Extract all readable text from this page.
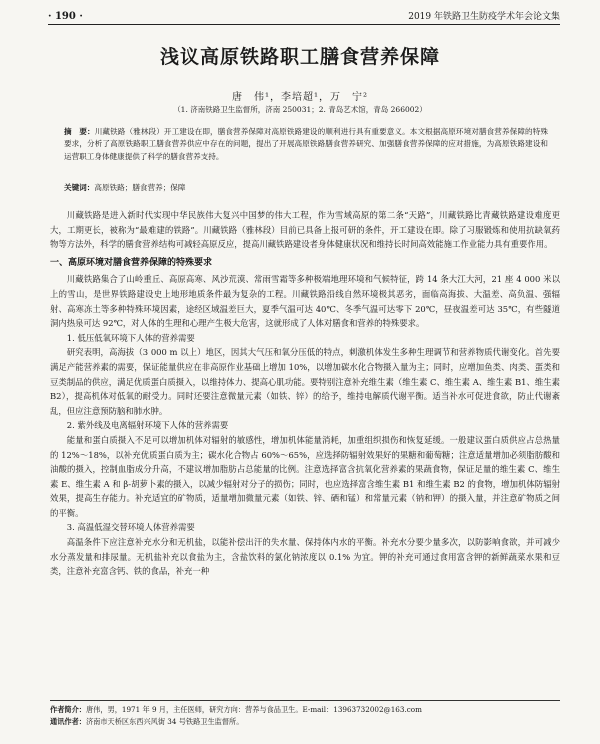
· 190 ·	2019 年铁路卫生防疫学术年会论文集
浅议高原铁路职工膳食营养保障
唐　伟¹，李培超¹，万　宁²
（1. 济南铁路卫生监督所，济南 250031；2. 青岛艺术馆，青岛 266002）
摘　要：川藏铁路（雅林段）开工建设在即，膳食营养保障对高原铁路建设的顺利进行具有重要意义。本文根据高原环境对膳食营养保障的特殊要求，分析了高原铁路职工膳食营养供应中存在的问题，提出了开展高原铁路膳食营养研究、加强膳食营养保障的应对措施，为高原铁路建设和运营职工身体健康提供了科学的膳食营养支持。
关键词：高原铁路；膳食营养；保障

川藏铁路是进入新时代实现中华民族伟大复兴中国梦的伟大工程，作为雪域高原的第二条“天路”，川藏铁路比青藏铁路建设难度更大，工期更长，被称为“最难建的铁路”。川藏铁路（雅林段）目前已具备上报可研的条件，开工建设在即。除了习服锻炼和使用抗缺氧药物等方法外，科学的膳食营养结构可减轻高原反应，提高川藏铁路建设者身体健康状况和维持长时间高效能施工作业能力具有重要作用。

一、高原环境对膳食营养保障的特殊要求

川藏铁路集合了山岭重丘、高原高寒、风沙荒漠、常雨雪霜等多种极端地理环境和气候特征，跨 14 条大江大河，21 座 4 000 米以上的雪山，是世界铁路建设史上地形地质条件最为复杂的工程。川藏铁路沿线自然环境极其恶劣，面临高海拔、大温差、高负温、强辐射、高寒冻土等多种特殊环境因素，途经区域温差巨大，夏季气温可达 40℃、冬季气温可达零下 20℃，昼夜温差可达 35℃，有些隧道洞内热泉可达 92℃，对人体的生理和心理产生极大危害，这就形成了人体对膳食和营养的特殊要求。

1. 低压低氧环境下人体的营养需要

研究表明，高海拔（3 000 m 以上）地区，因其大气压和氧分压低的特点，刺激机体发生多种生理调节和营养物质代谢变化。首先要满足产能营养素的需要，保证能量供应在非高原作业基础上增加 10%，以增加碳水化合物摄入量为主；同时，应增加鱼类、肉类、蛋类和豆类制品的供应，满足优质蛋白质摄入，以维持体力、提高心肌功能。要特别注意补充维生素（维生素 C、维生素 A、维生素 B1、维生素 B2），提高机体对低氧的耐受力。同时还要注意微量元素（如铁、锌）的给予，维持电解质代谢平衡。适当补水可促进食欲，防止代谢紊乱，但应注意预防脑和肺水肿。

2. 紫外线及电离辐射环境下人体的营养需要

能量和蛋白质摄入不足可以增加机体对辐射的敏感性，增加机体能量消耗，加重组织损伤和恢复延缓。一般建议蛋白质供应占总热量的 12%～18%，以补充优质蛋白质为主；碳水化合物占 60%～65%，应选择防辐射效果好的果糖和葡萄糖；注意适量增加必须脂肪酸和油酸的摄入，控制血脂成分升高，不建议增加脂肪占总能量的比例。注意选择富含抗氧化营养素的果蔬食物，保证足量的维生素 C、维生素 E、维生素 A 和 β-胡萝卜素的摄入，以减少辐射对分子的损伤；同时，也应选择富含维生素 B1 和维生素 B2 的食物，增加机体防辐射效果，提高生存能力。补充适宜的矿物质，适量增加微量元素（如铁、锌、硒和锰）和常量元素（钠和钾）的摄入量，并注意矿物质之间的平衡。

3. 高温低湿交替环境人体营养需要

高温条件下应注意补充水分和无机盐，以能补偿出汗的失水量、保持体内水的平衡。补充水分要少量多次，以防影响食欲，并可减少水分蒸发量和排尿量。无机盐补充以食盐为主，含盐饮料的氯化钠浓度以 0.1% 为宜。钾的补充可通过食用富含钾的新鲜蔬菜水果和豆类，注意补充富含钙、铁的食品，补充一种

作者简介：唐伟，男，1971 年 9 月，主任医师，研究方向：营养与食品卫生。E-mail：13963732002@163.com
通讯作者：济南市天桥区东西兴风街 34 号铁路卫生监督所。
